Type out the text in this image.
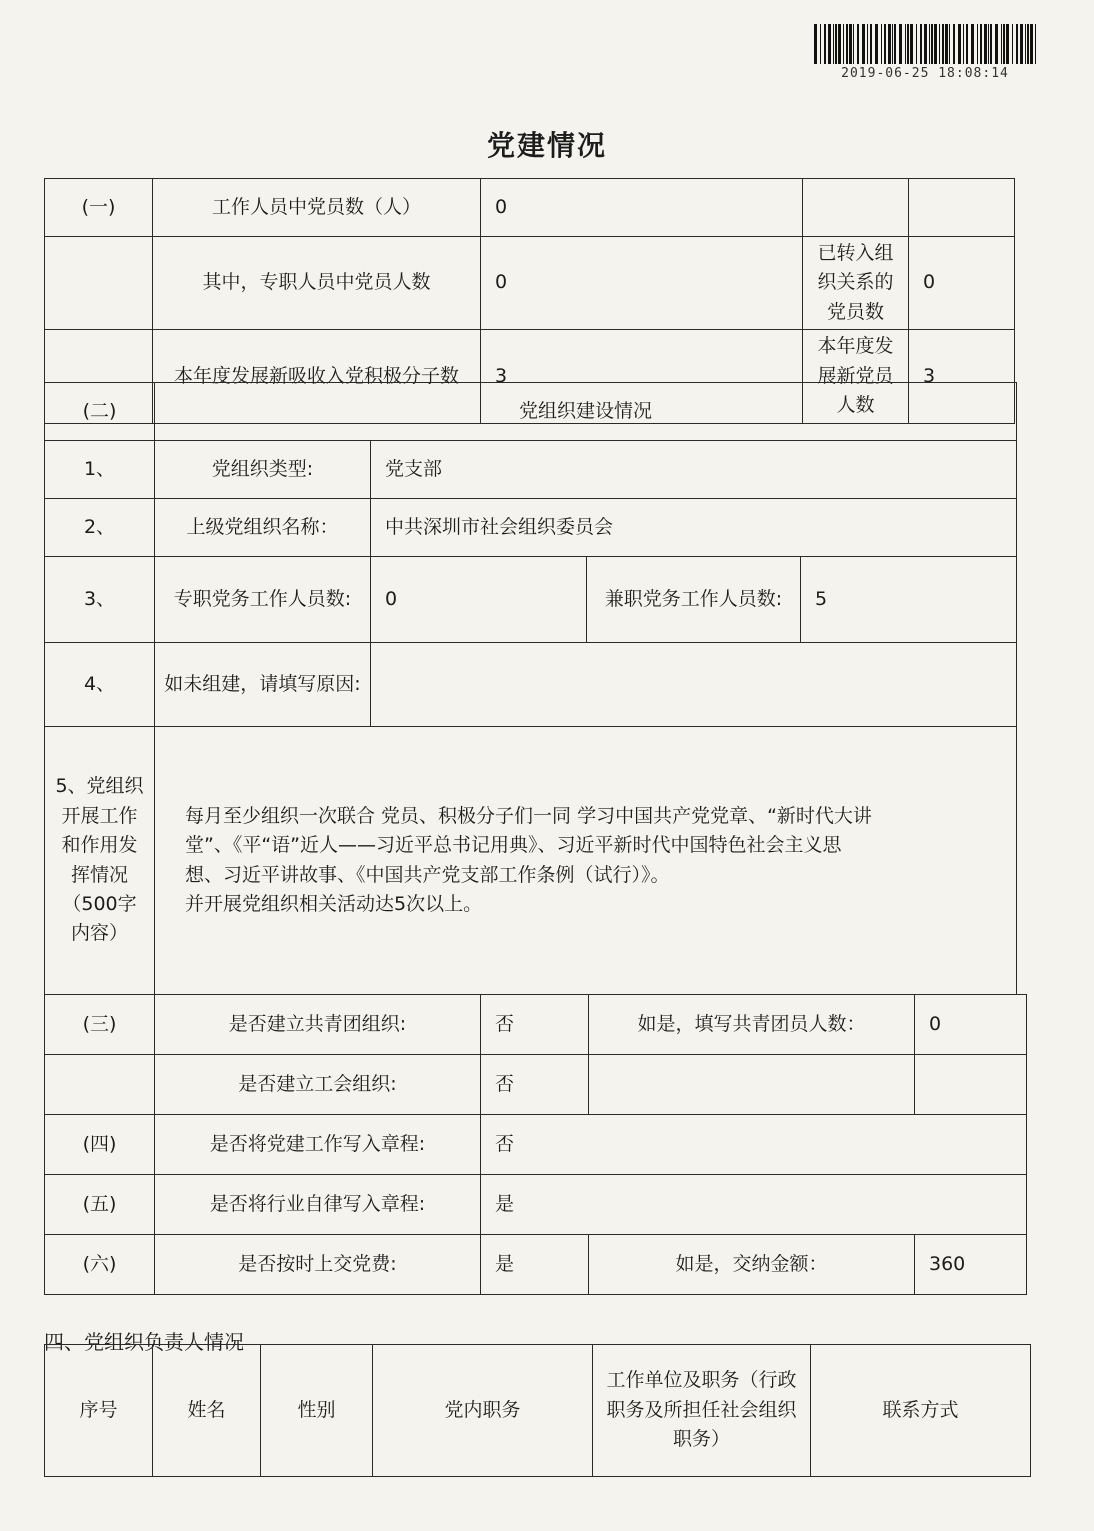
2019-06-25 18:08:14
党建情况
(一)	工作人员中党员数（人）	0		
	其中，专职人员中党员人数	0	已转入组织关系的党员数	0
	本年度发展新吸收入党积极分子数	3	本年度发展新党员人数	3
(二)	党组织建设情况			
1、	党组织类型:	党支部		
2、	上级党组织名称：	中共深圳市社会组织委员会		
3、	专职党务工作人员数:	0	兼职党务工作人员数:	5
4、	如未组建，请填写原因:			
5、党组织开展工作和作用发挥情况（500字内容）	每月至少组织一次联合 党员、积极分子们一同 学习中国共产党党章、“新时代大讲

堂”、《平“语”近人——习近平总书记用典》、习近平新时代中国特色社会主义思

想、习近平讲故事、《中国共产党支部工作条例（试行）》。

并开展党组织相关活动达5次以上。			

(三)	是否建立共青团组织:	否	如是，填写共青团员人数：	0
	是否建立工会组织:	否		
(四)	是否将党建工作写入章程:	否		
(五)	是否将行业自律写入章程:	是		
(六)	是否按时上交党费:	是	如是，交纳金额：	360
四、党组织负责人情况
序号	姓名	性别	党内职务	工作单位及职务（行政职务及所担任社会组织职务）	联系方式
